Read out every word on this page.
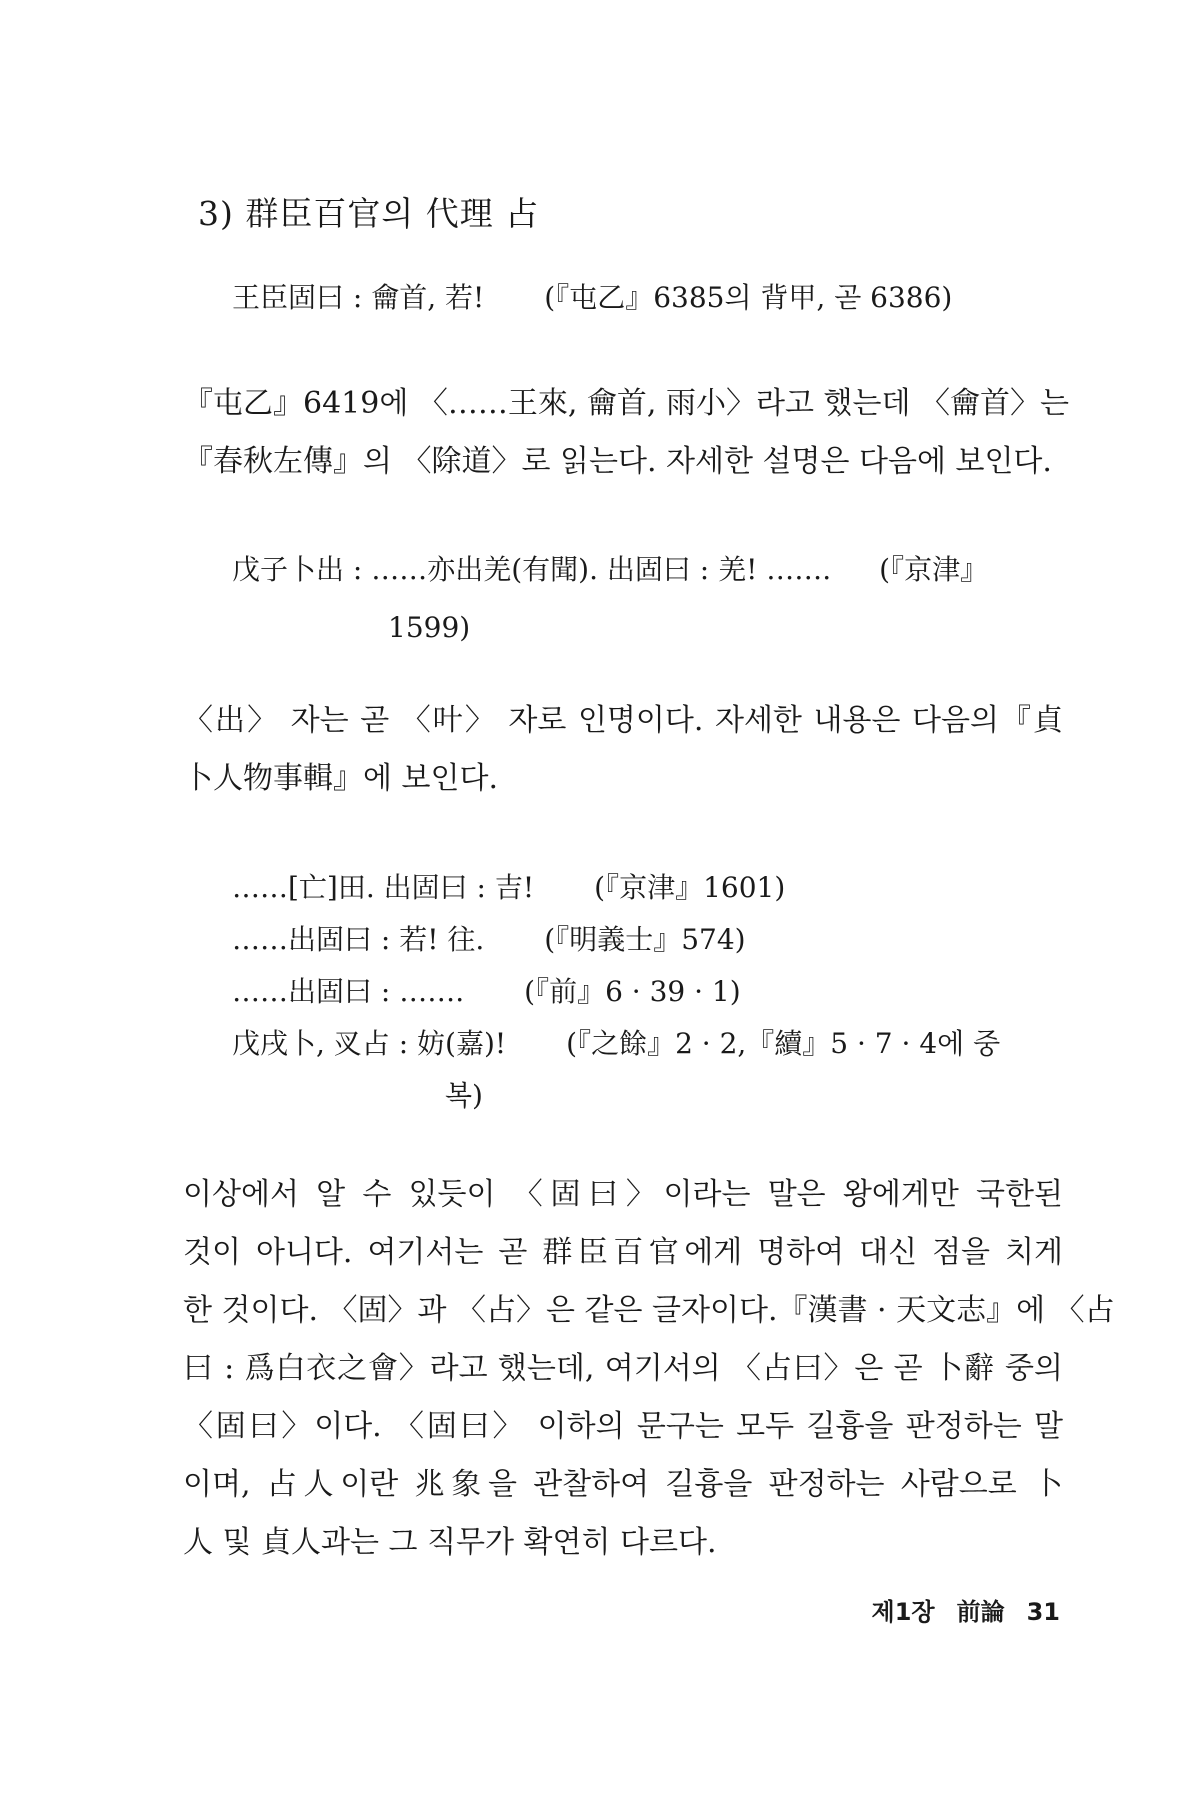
3) 群臣百官의 代理 占
王臣固曰 : 龠首, 若! (『屯乙』6385의 背甲, 곧 6386)
『屯乙』6419에 〈……王來, 龠首, 雨小〉라고 했는데 〈龠首〉는
『春秋左傳』의 〈除道〉로 읽는다. 자세한 설명은 다음에 보인다.
戊子卜出 : ……亦出羌(有聞). 出固曰 : 羌! ……. (『京津』
1599)
〈出〉 자는 곧 〈叶〉 자로 인명이다. 자세한 내용은 다음의『貞
卜人物事輯』에 보인다.
……[亡]田. 出固曰 : 吉! (『京津』1601)
……出固曰 : 若! 往. (『明義士』574)
……出固曰 : ……. (『前』6 · 39 · 1)
戊戌卜, 㕚占 : 妨(嘉)! (『之餘』2 · 2,『續』5 · 7 · 4에 중
복)
이상에서 알 수 있듯이 〈固曰〉이라는 말은 왕에게만 국한된
것이 아니다. 여기서는 곧 群臣百官에게 명하여 대신 점을 치게
한 것이다. 〈固〉과 〈占〉은 같은 글자이다.『漢書 · 天文志』에 〈占
曰 : 爲白衣之會〉라고 했는데, 여기서의 〈占曰〉은 곧 卜辭 중의
〈固曰〉이다. 〈固曰〉 이하의 문구는 모두 길흉을 판정하는 말
이며, 占人이란 兆象을 관찰하여 길흉을 판정하는 사람으로 卜
人 및 貞人과는 그 직무가 확연히 다르다.
제1장 前論 31
